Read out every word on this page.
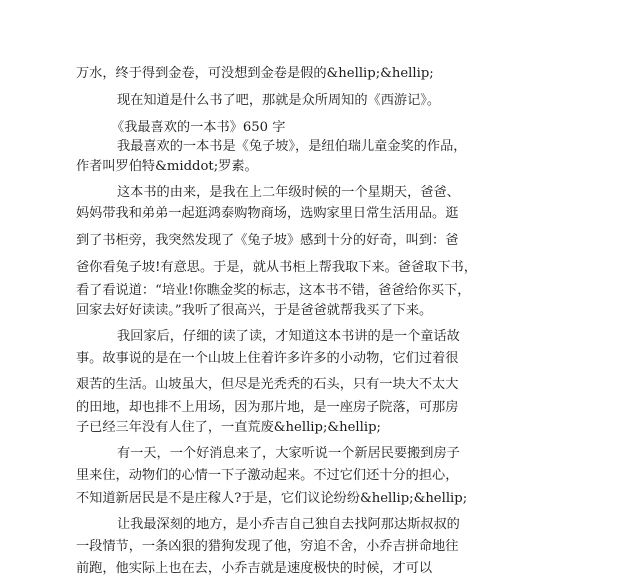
万水，终于得到金卷，可没想到金卷是假的&hellip;&hellip;
现在知道是什么书了吧，那就是众所周知的《西游记》。
《我最喜欢的一本书》650 字
我最喜欢的一本书是《兔子坡》，是纽伯瑞儿童金奖的作品，
作者叫罗伯特&middot;罗素。
这本书的由来，是我在上二年级时候的一个星期天，爸爸、
妈妈带我和弟弟一起逛鸿泰购物商场，选购家里日常生活用品。逛
到了书柜旁，我突然发现了《兔子坡》感到十分的好奇，叫到：爸
爸你看兔子坡!有意思。于是，就从书柜上帮我取下来。爸爸取下书，
看了看说道：“培业!你瞧金奖的标志，这本书不错，爸爸给你买下，
回家去好好读读。”我听了很高兴，于是爸爸就帮我买了下来。
我回家后，仔细的读了读，才知道这本书讲的是一个童话故
事。故事说的是在一个山坡上住着许多许多的小动物，它们过着很
艰苦的生活。山坡虽大，但尽是光秃秃的石头，只有一块大不太大
的田地，却也排不上用场，因为那片地，是一座房子院落，可那房
子已经三年没有人住了，一直荒废&hellip;&hellip;
有一天，一个好消息来了，大家听说一个新居民要搬到房子
里来住，动物们的心情一下子激动起来。不过它们还十分的担心，
不知道新居民是不是庄稼人?于是，它们议论纷纷&hellip;&hellip;
让我最深刻的地方，是小乔吉自己独自去找阿那达斯叔叔的
一段情节，一条凶狠的猎狗发现了他，穷追不舍，小乔吉拼命地往
前跑，他实际上也在去，小乔吉就是速度极快的时候，才可以
